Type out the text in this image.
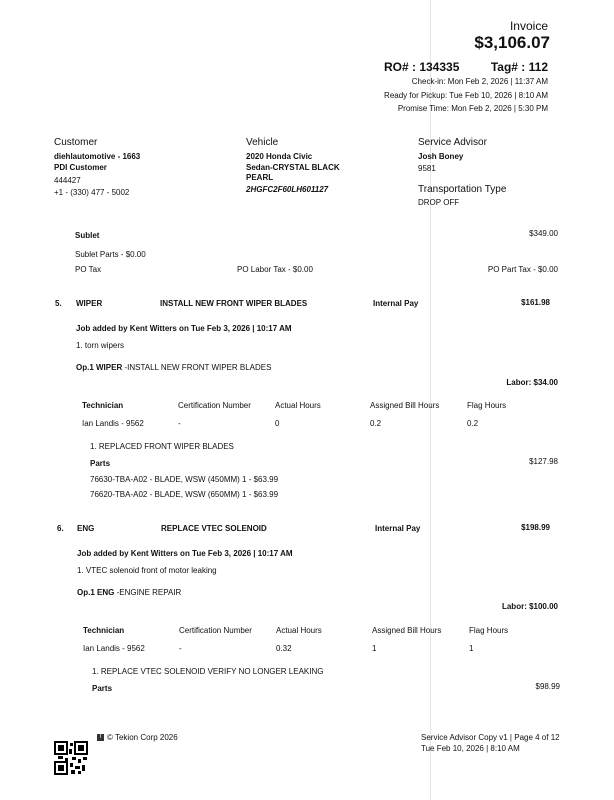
Invoice
$3,106.07
RO# : 134335	Tag# : 112
Check-in: Mon Feb 2, 2026 | 11:37 AM
Ready for Pickup: Tue Feb 10, 2026 | 8:10 AM
Promise Time: Mon Feb 2, 2026 | 5:30 PM
Customer
diehlautomotive - 1663
PDI Customer
444427
+1 - (330) 477 - 5002
Vehicle
2020 Honda Civic
Sedan-CRYSTAL BLACK
PEARL
2HGFC2F60LH601127
Service Advisor
Josh Boney
9581
Transportation Type
DROP OFF
Sublet	$349.00
Sublet Parts - $0.00
PO Tax	PO Labor Tax - $0.00	PO Part Tax - $0.00
5. WIPER	INSTALL NEW FRONT WIPER BLADES	Internal Pay	$161.98
Job added by Kent Witters on Tue Feb 3, 2026 | 10:17 AM
1. torn wipers
Op.1 WIPER -INSTALL NEW FRONT WIPER BLADES
Labor: $34.00
Technician	Certification Number	Actual Hours	Assigned Bill Hours	Flag Hours
Ian Landis - 9562	-	0	0.2	0.2
1. REPLACED FRONT WIPER BLADES
Parts	$127.98
76630-TBA-A02 - BLADE, WSW (450MM) 1 - $63.99
76620-TBA-A02 - BLADE, WSW (650MM) 1 - $63.99
6. ENG	REPLACE VTEC SOLENOID	Internal Pay	$198.99
Job added by Kent Witters on Tue Feb 3, 2026 | 10:17 AM
1. VTEC solenoid front of motor leaking
Op.1 ENG -ENGINE REPAIR
Labor: $100.00
Technician	Certification Number	Actual Hours	Assigned Bill Hours	Flag Hours
Ian Landis - 9562	-	0.32	1	1
1. REPLACE VTEC SOLENOID VERIFY NO LONGER LEAKING
Parts	$98.99
T © Tekion Corp 2026	Service Advisor Copy v1 | Page 4 of 12
Tue Feb 10, 2026 | 8:10 AM
